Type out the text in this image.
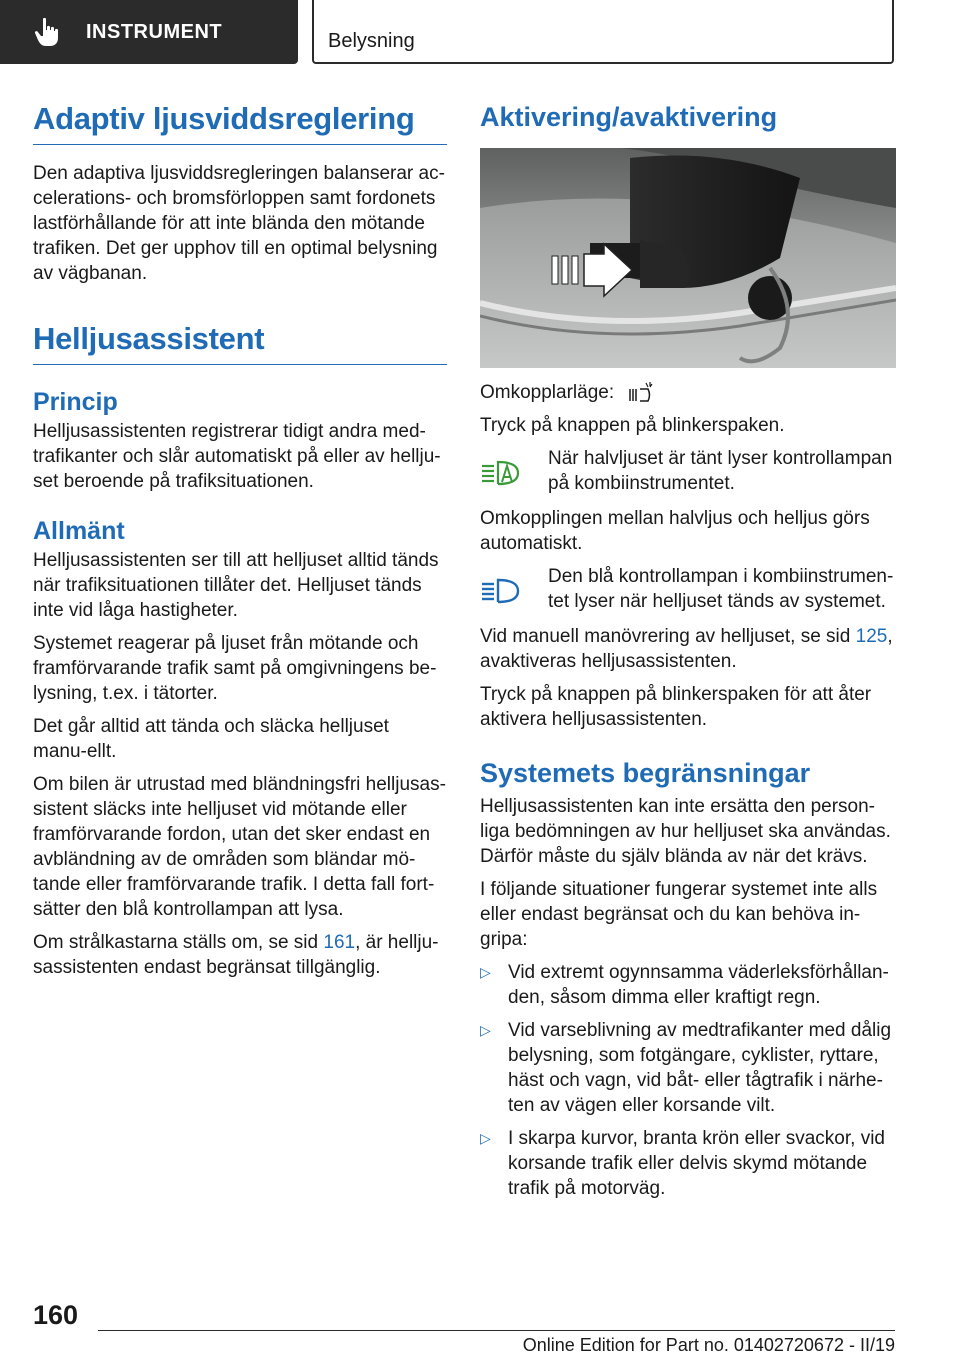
INSTRUMENT	Belysning
Adaptiv ljusviddsreglering

Den adaptiva ljusviddsregleringen balanserar ac-celerations- och bromsförloppen samt fordonets lastförhållande för att inte blända den mötande trafiken. Det ger upphov till en optimal belysning av vägbanan.

Helljusassistent
Princip

Helljusassistenten registrerar tidigt andra med-trafikanter och slår automatiskt på eller av hellju-set beroende på trafiksituationen.

Allmänt

Helljusassistenten ser till att helljuset alltid tänds när trafiksituationen tillåter det. Helljuset tänds inte vid låga hastigheter.

Systemet reagerar på ljuset från mötande och framförvarande trafik samt på omgivningens be-lysning, t.ex. i tätorter.

Det går alltid att tända och släcka helljuset manu-ellt.

Om bilen är utrustad med bländningsfri helljusas-sistent släcks inte helljuset vid mötande eller framförvarande fordon, utan det sker endast en avbländning av de områden som bländar mö-tande eller framförvarande trafik. I detta fall fort-sätter den blå kontrollampan att lysa.

Om strålkastarna ställs om, se sid 161, är hellju-sassistenten endast begränsat tillgänglig.

Aktivering/avaktivering

Omkopplarläge:

Tryck på knappen på blinkerspaken.

När halvljuset är tänt lyser kontrollampan på kombiinstrumentet.

Omkopplingen mellan halvljus och helljus görs automatiskt.

Den blå kontrollampan i kombiinstrumen-tet lyser när helljuset tänds av systemet.

Vid manuell manövrering av helljuset, se sid 125, avaktiveras helljusassistenten.

Tryck på knappen på blinkerspaken för att åter aktivera helljusassistenten.

Systemets begränsningar

Helljusassistenten kan inte ersätta den person-liga bedömningen av hur helljuset ska användas. Därför måste du själv blända av när det krävs.

I följande situationer fungerar systemet inte alls eller endast begränsat och du kan behöva in-gripa:

▷ Vid extremt ogynnsamma väderleksförhållan-den, såsom dimma eller kraftigt regn.
▷ Vid varseblivning av medtrafikanter med dålig belysning, som fotgängare, cyklister, ryttare, häst och vagn, vid båt- eller tågtrafik i närhe-ten av vägen eller korsande vilt.
▷ I skarpa kurvor, branta krön eller svackor, vid korsande trafik eller delvis skymd mötande trafik på motorväg.
160
Online Edition for Part no. 01402720672 - II/19
